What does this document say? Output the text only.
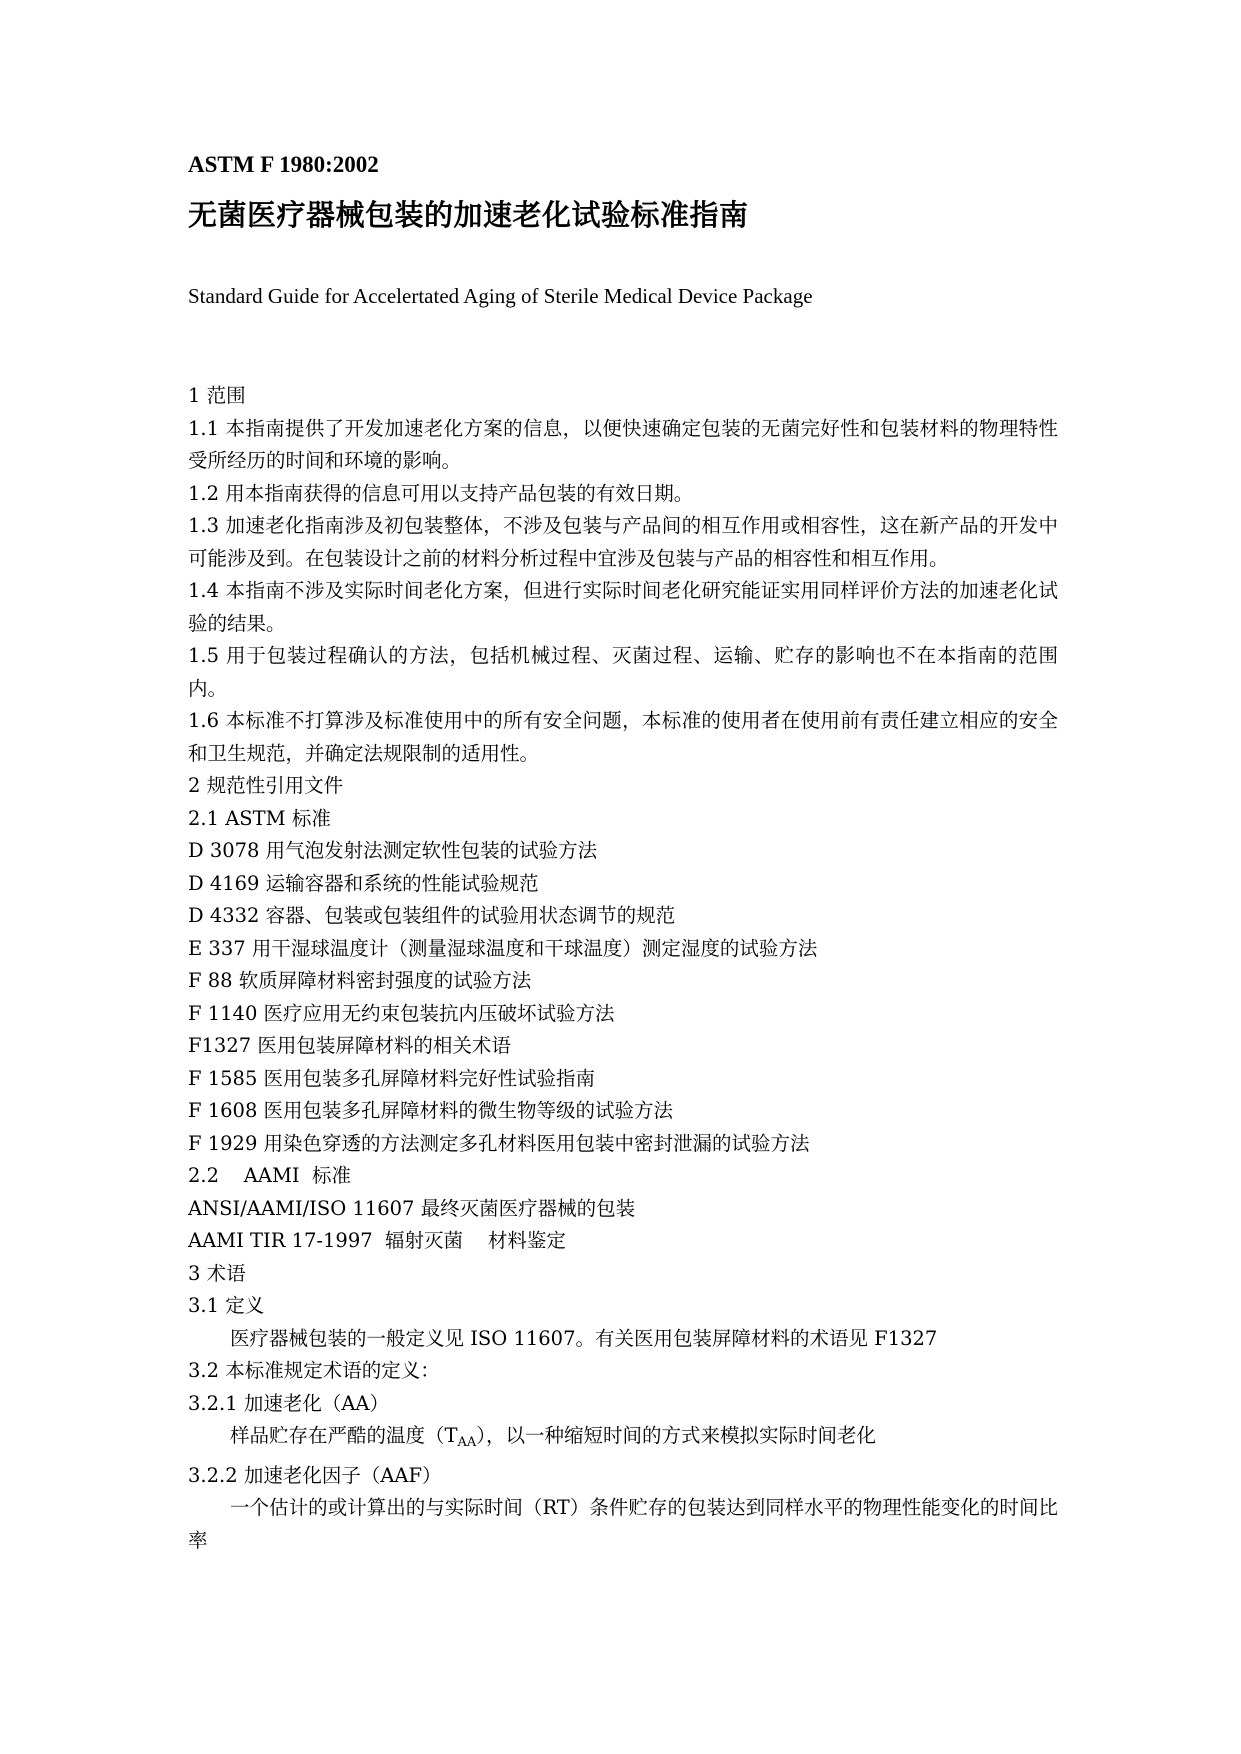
ASTM F 1980:2002
无菌医疗器械包装的加速老化试验标准指南
Standard Guide for Accelertated Aging of Sterile Medical Device Package
1 范围
1.1 本指南提供了开发加速老化方案的信息，以便快速确定包装的无菌完好性和包装材料的物理特性受所经历的时间和环境的影响。
1.2 用本指南获得的信息可用以支持产品包装的有效日期。
1.3 加速老化指南涉及初包装整体，不涉及包装与产品间的相互作用或相容性，这在新产品的开发中可能涉及到。在包装设计之前的材料分析过程中宜涉及包装与产品的相容性和相互作用。
1.4 本指南不涉及实际时间老化方案，但进行实际时间老化研究能证实用同样评价方法的加速老化试验的结果。
1.5 用于包装过程确认的方法，包括机械过程、灭菌过程、运输、贮存的影响也不在本指南的范围内。
1.6 本标准不打算涉及标准使用中的所有安全问题，本标准的使用者在使用前有责任建立相应的安全和卫生规范，并确定法规限制的适用性。
2 规范性引用文件
2.1 ASTM 标准
D 3078 用气泡发射法测定软性包装的试验方法
D 4169 运输容器和系统的性能试验规范
D 4332 容器、包装或包装组件的试验用状态调节的规范
E 337 用干湿球温度计（测量湿球温度和干球温度）测定湿度的试验方法
F 88 软质屏障材料密封强度的试验方法
F 1140 医疗应用无约束包装抗内压破坏试验方法
F1327 医用包装屏障材料的相关术语
F 1585 医用包装多孔屏障材料完好性试验指南
F 1608 医用包装多孔屏障材料的微生物等级的试验方法
F 1929 用染色穿透的方法测定多孔材料医用包装中密封泄漏的试验方法
2.2    AAMI  标准
ANSI/AAMI/ISO 11607 最终灭菌医疗器械的包装
AAMI TIR 17-1997  辐射灭菌    材料鉴定
3 术语
3.1 定义
医疗器械包装的一般定义见 ISO 11607。有关医用包装屏障材料的术语见 F1327
3.2 本标准规定术语的定义：
3.2.1 加速老化（AA）
样品贮存在严酷的温度$(T_{AA})$，以一种缩短时间的方式来模拟实际时间老化
3.2.2 加速老化因子（AAF）
一个估计的或计算出的与实际时间（RT）条件贮存的包装达到同样水平的物理性能变化的时间比率
